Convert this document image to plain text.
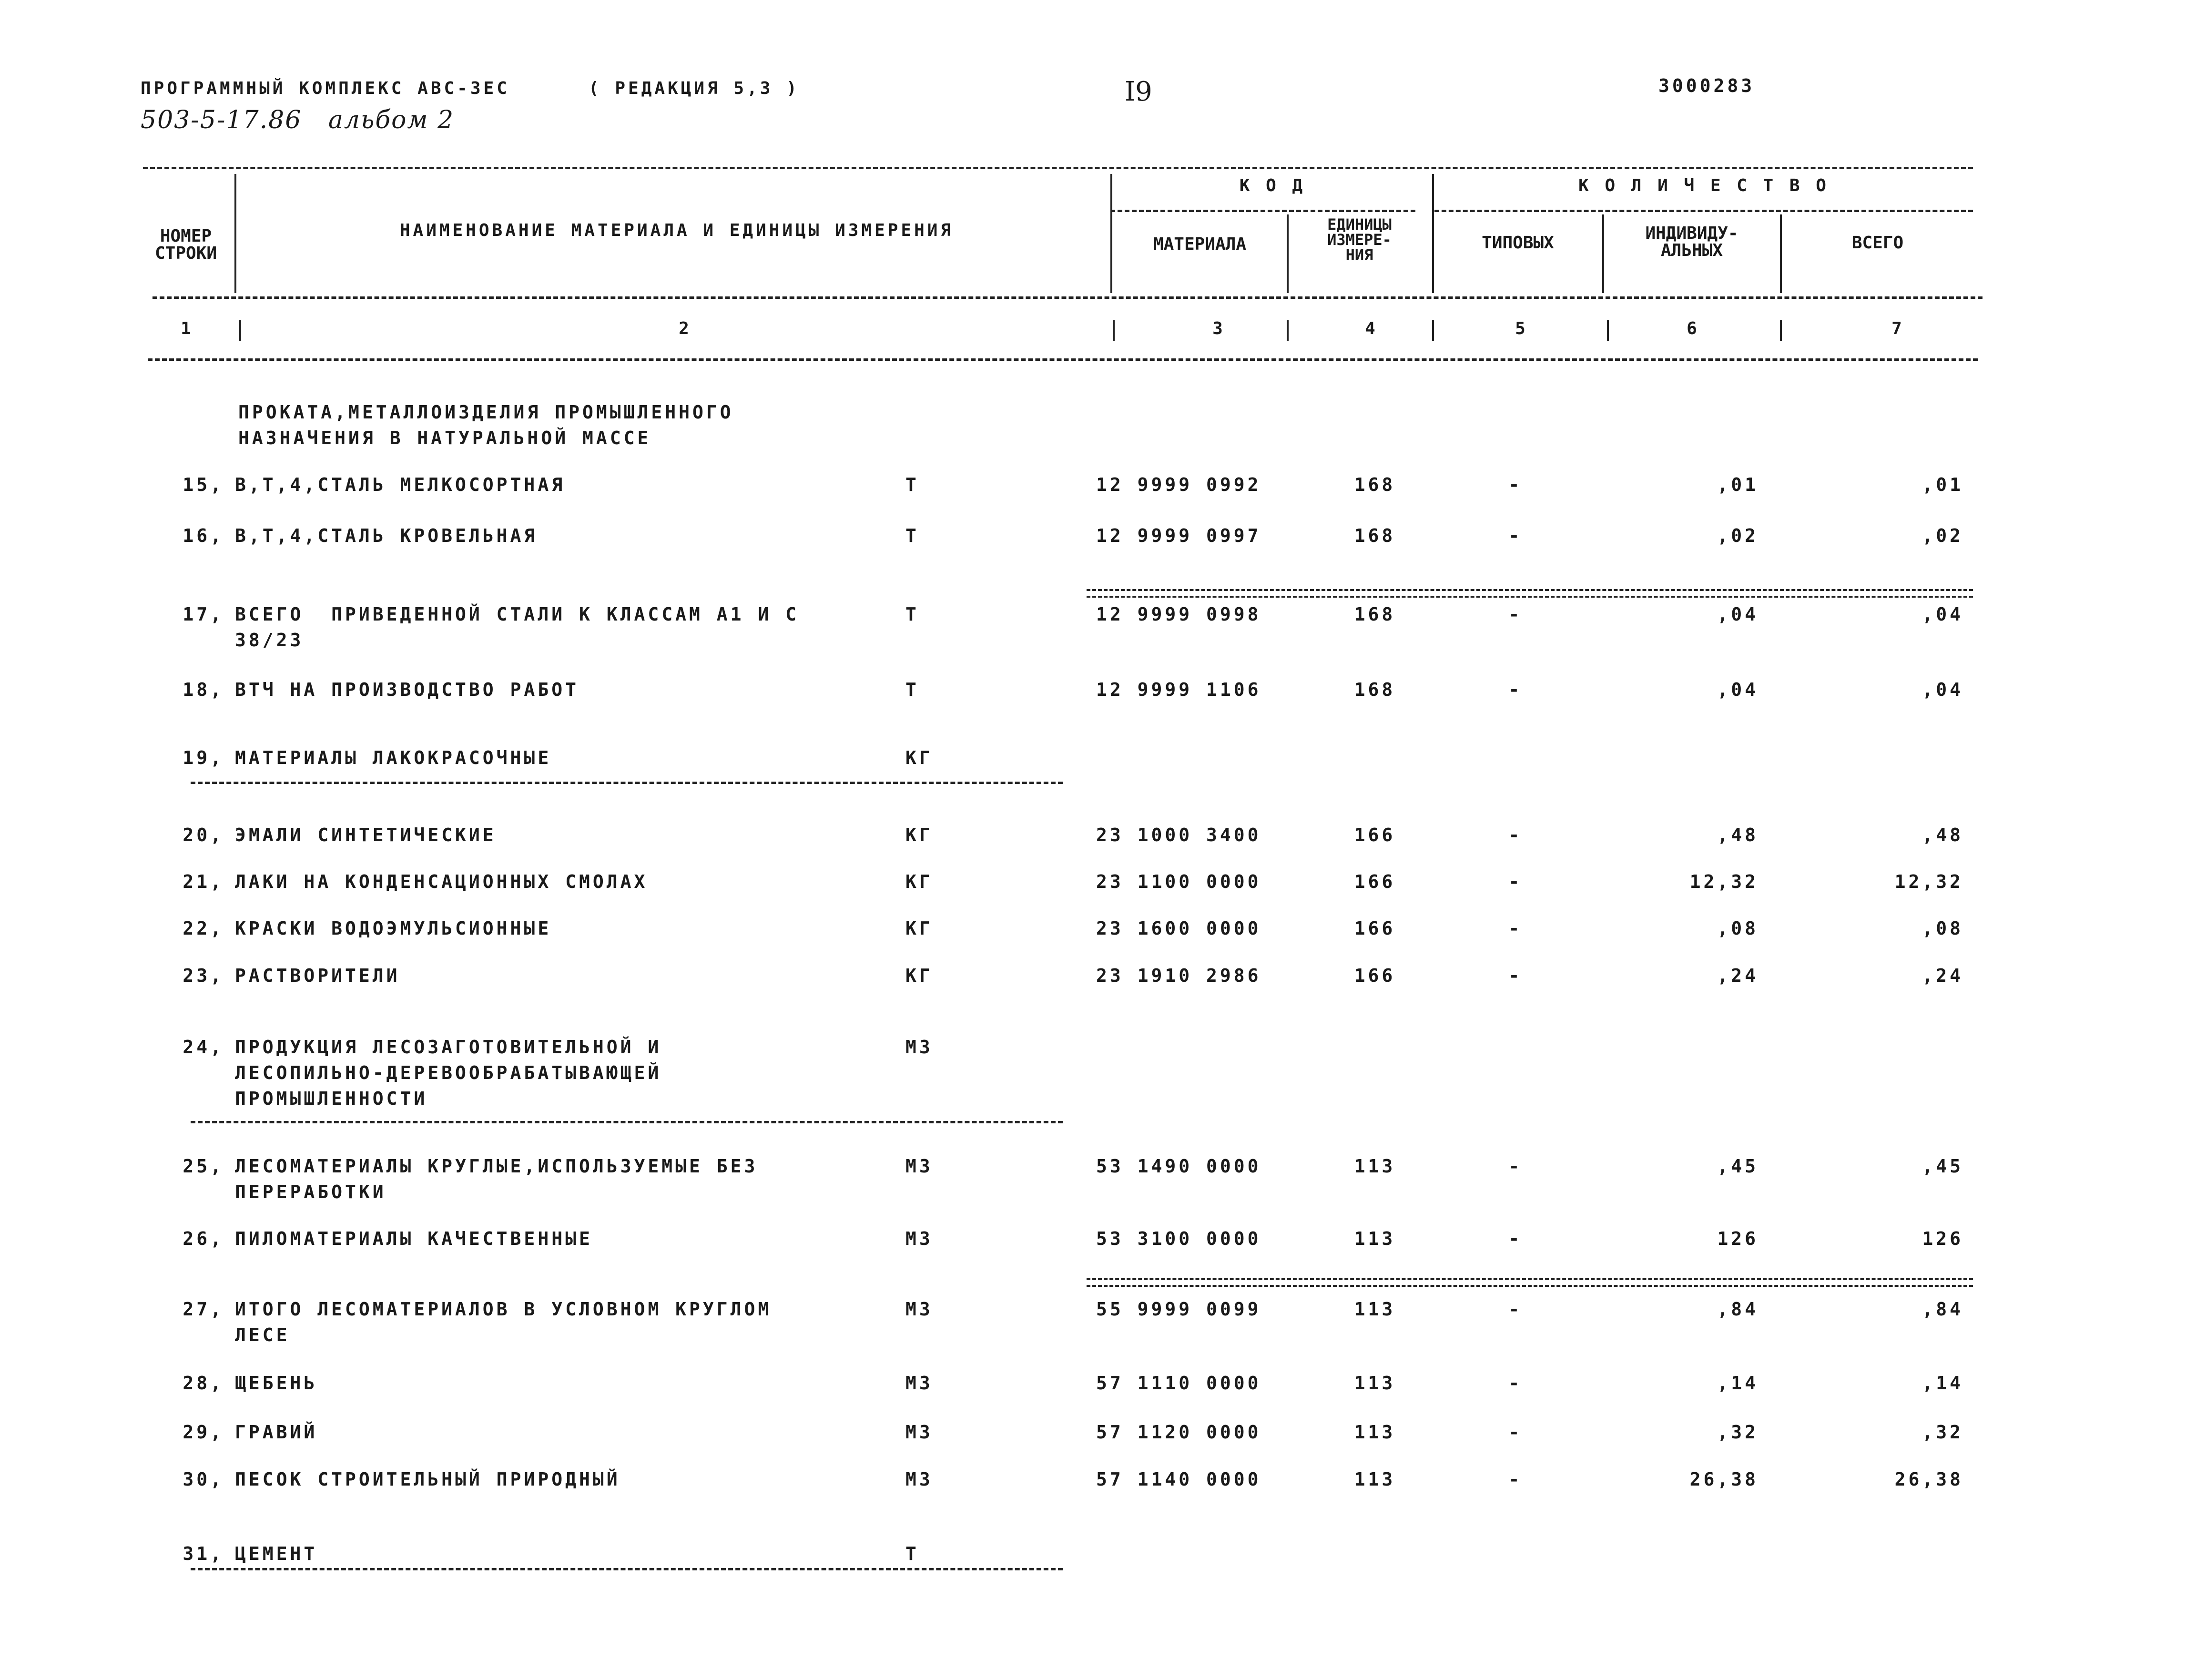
ПРОГРАММНЫЙ КОМПЛЕКС АВС-3ЕС	( РЕДАКЦИЯ 5,3 )	I9	3000283
503-5-17.86   альбом 2
НОМЕР
СТРОКИ
НАИМЕНОВАНИЕ МАТЕРИАЛА И ЕДИНИЦЫ ИЗМЕРЕНИЯ
К О Д
МАТЕРИАЛА
ЕДИНИЦЫ
ИЗМЕРЕ-
НИЯ
К О Л И Ч Е С Т В О
ТИПОВЫХ	ИНДИВИДУ-
АЛЬНЫХ	ВСЕГО
1	2	3	4	5	6	7
ПРОКАТА,МЕТАЛЛОИЗДЕЛИЯ ПРОМЫШЛЕННОГО
НАЗНАЧЕНИЯ В НАТУРАЛЬНОЙ МАССЕ
15, В,Т,4,СТАЛЬ МЕЛКОСОРТНАЯ	Т	12 9999 0992	168	-	,01	,01
16, В,Т,4,СТАЛЬ КРОВЕЛЬНАЯ	Т	12 9999 0997	168	-	,02	,02
17, ВСЕГО  ПРИВЕДЕННОЙ СТАЛИ К КЛАССАМ А1 И С
38/23
Т	12 9999 0998	168	-	,04	,04
18, ВТЧ НА ПРОИЗВОДСТВО РАБОТ	Т	12 9999 1106	168	-	,04	,04
19, МАТЕРИАЛЫ ЛАКОКРАСОЧНЫЕ	КГ
20, ЭМАЛИ СИНТЕТИЧЕСКИЕ	КГ	23 1000 3400	166	-	,48	,48
21, ЛАКИ НА КОНДЕНСАЦИОННЫХ СМОЛАХ	КГ	23 1100 0000	166	-	12,32	12,32
22, КРАСКИ ВОДОЭМУЛЬСИОННЫЕ	КГ	23 1600 0000	166	-	,08	,08
23, РАСТВОРИТЕЛИ	КГ	23 1910 2986	166	-	,24	,24
24, ПРОДУКЦИЯ ЛЕСОЗАГОТОВИТЕЛЬНОЙ И
ЛЕСОПИЛЬНО-ДЕРЕВООБРАБАТЫВАЮЩЕЙ
ПРОМЫШЛЕННОСТИ
М3
25, ЛЕСОМАТЕРИАЛЫ КРУГЛЫЕ,ИСПОЛЬЗУЕМЫЕ БЕЗ
ПЕРЕРАБОТКИ
М3	53 1490 0000	113	-	,45	,45
26, ПИЛОМАТЕРИАЛЫ КАЧЕСТВЕННЫЕ	М3	53 3100 0000	113	-	126	126
27, ИТОГО ЛЕСОМАТЕРИАЛОВ В УСЛОВНОМ КРУГЛОМ
ЛЕСЕ
М3	55 9999 0099	113	-	,84	,84
28, ЩЕБЕНЬ	М3	57 1110 0000	113	-	,14	,14
29, ГРАВИЙ	М3	57 1120 0000	113	-	,32	,32
30, ПЕСОК СТРОИТЕЛЬНЫЙ ПРИРОДНЫЙ	М3	57 1140 0000	113	-	26,38	26,38
31, ЦЕМЕНТ	Т
